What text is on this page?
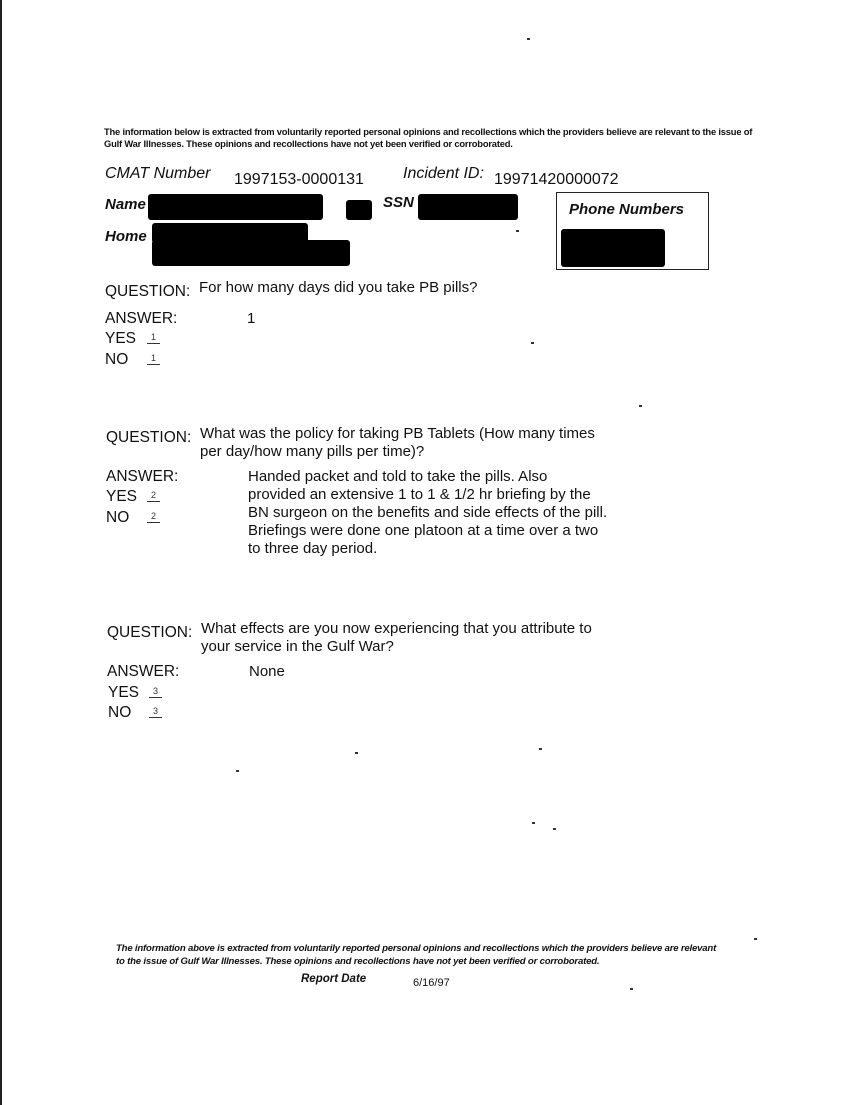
The information below is extracted from voluntarily reported personal opinions and recollections which the providers believe are relevant to the issue of Gulf War Illnesses. These opinions and recollections have not yet been verified or corroborated.
CMAT Number 1997153-0000131 Incident ID: 19971420000072
Name	SSN
Home
Phone Numbers
QUESTION: For how many days did you take PB pills?
ANSWER:	1
YES	1
NO	1
QUESTION: What was the policy for taking PB Tablets (How many times per day/how many pills per time)?
ANSWER:	Handed packet and told to take the pills. Also provided an extensive 1 to 1 & 1/2 hr briefing by the BN surgeon on the benefits and side effects of the pill. Briefings were done one platoon at a time over a two to three day period.
YES	2
NO	2
QUESTION: What effects are you now experiencing that you attribute to your service in the Gulf War?
ANSWER:	None
YES	3
NO	3
The information above is extracted from voluntarily reported personal opinions and recollections which the providers believe are relevant to the issue of Gulf War Illnesses. These opinions and recollections have not yet been verified or corroborated.
Report Date	6/16/97
